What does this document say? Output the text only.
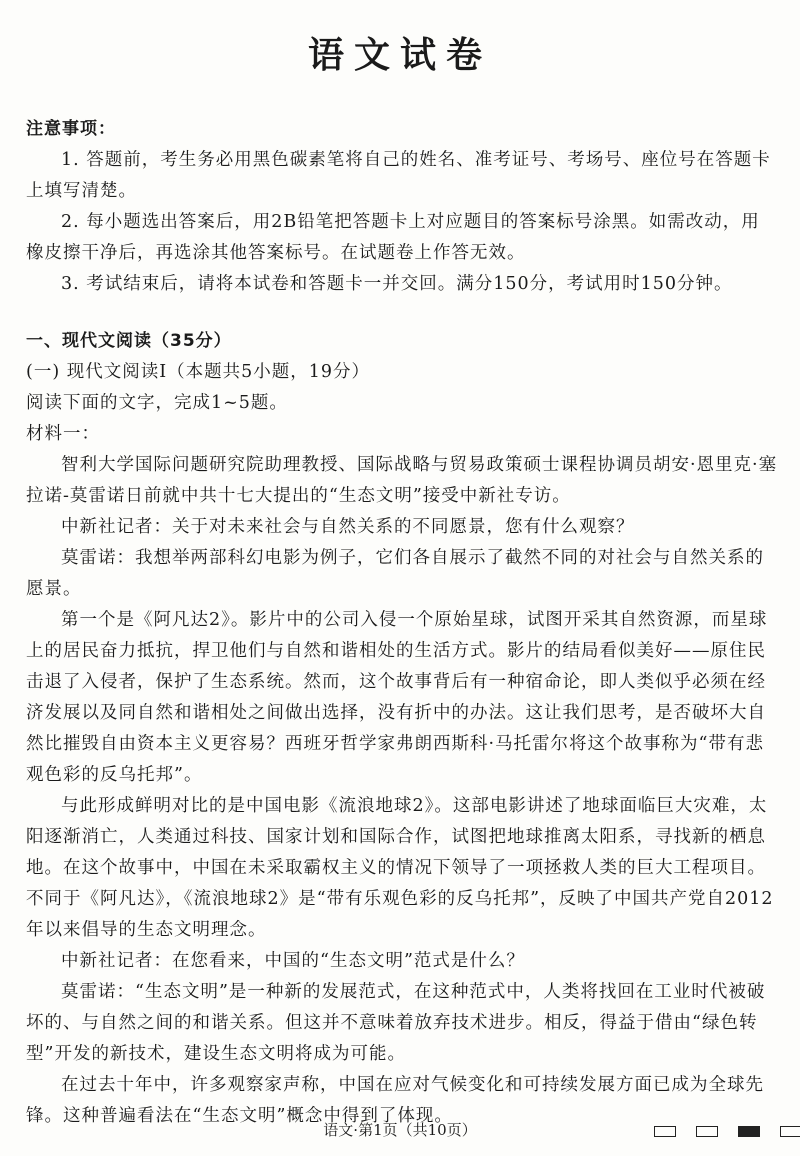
语文试卷

注意事项：

1. 答题前，考生务必用黑色碳素笔将自己的姓名、准考证号、考场号、座位号在答题卡上填写清楚。

2. 每小题选出答案后，用2B铅笔把答题卡上对应题目的答案标号涂黑。如需改动，用橡皮擦干净后，再选涂其他答案标号。在试题卷上作答无效。

3. 考试结束后，请将本试卷和答题卡一并交回。满分150分，考试用时150分钟。

一、现代文阅读（35分）

(一) 现代文阅读Ⅰ（本题共5小题，19分）

阅读下面的文字，完成1~5题。

材料一：

智利大学国际问题研究院助理教授、国际战略与贸易政策硕士课程协调员胡安·恩里克·塞拉诺-莫雷诺日前就中共十七大提出的“生态文明”接受中新社专访。

中新社记者：关于对未来社会与自然关系的不同愿景，您有什么观察？

莫雷诺：我想举两部科幻电影为例子，它们各自展示了截然不同的对社会与自然关系的愿景。

第一个是《阿凡达2》。影片中的公司入侵一个原始星球，试图开采其自然资源，而星球上的居民奋力抵抗，捍卫他们与自然和谐相处的生活方式。影片的结局看似美好——原住民击退了入侵者，保护了生态系统。然而，这个故事背后有一种宿命论，即人类似乎必须在经济发展以及同自然和谐相处之间做出选择，没有折中的办法。这让我们思考，是否破坏大自然比摧毁自由资本主义更容易？西班牙哲学家弗朗西斯科·马托雷尔将这个故事称为“带有悲观色彩的反乌托邦”。

与此形成鲜明对比的是中国电影《流浪地球2》。这部电影讲述了地球面临巨大灾难，太阳逐渐消亡，人类通过科技、国家计划和国际合作，试图把地球推离太阳系，寻找新的栖息地。在这个故事中，中国在未采取霸权主义的情况下领导了一项拯救人类的巨大工程项目。不同于《阿凡达》，《流浪地球2》是“带有乐观色彩的反乌托邦”，反映了中国共产党自2012年以来倡导的生态文明理念。

中新社记者：在您看来，中国的“生态文明”范式是什么？

莫雷诺：“生态文明”是一种新的发展范式，在这种范式中，人类将找回在工业时代被破坏的、与自然之间的和谐关系。但这并不意味着放弃技术进步。相反，得益于借由“绿色转型”开发的新技术，建设生态文明将成为可能。

在过去十年中，许多观察家声称，中国在应对气候变化和可持续发展方面已成为全球先锋。这种普遍看法在“生态文明”概念中得到了体现。

语文·第1页（共10页）
